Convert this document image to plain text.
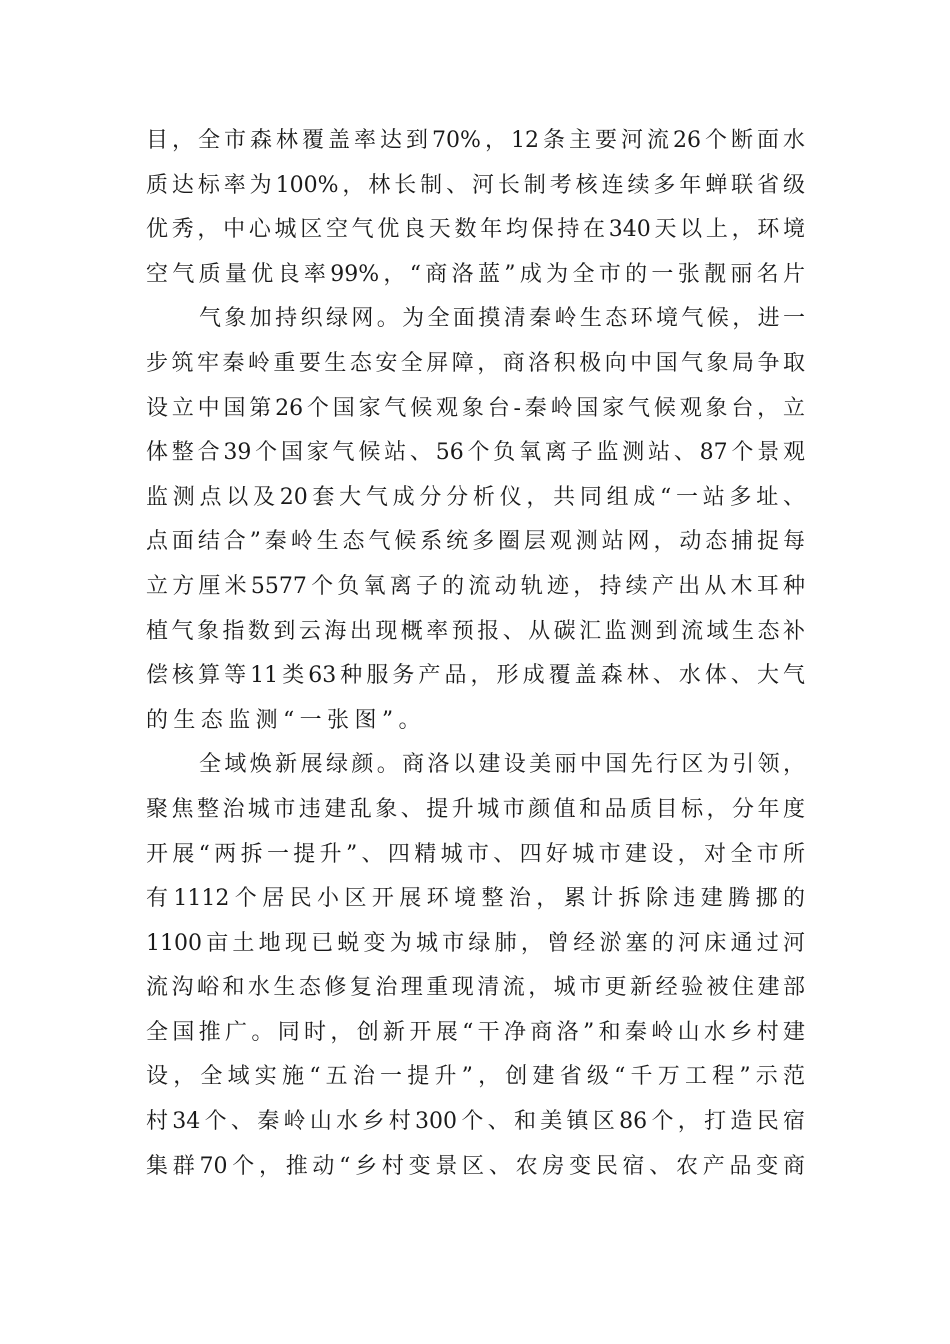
目，全市森林覆盖率达到70%，12条主要河流26个断面水
质达标率为100%，林长制、河长制考核连续多年蝉联省级
优秀，中心城区空气优良天数年均保持在340天以上，环境
空气质量优良率99%，“商洛蓝”成为全市的一张靓丽名片
气象加持织绿网。为全面摸清秦岭生态环境气候，进一
步筑牢秦岭重要生态安全屏障，商洛积极向中国气象局争取
设立中国第26个国家气候观象台-秦岭国家气候观象台，立
体整合39个国家气候站、56个负氧离子监测站、87个景观
监测点以及20套大气成分分析仪，共同组成“一站多址、
点面结合”秦岭生态气候系统多圈层观测站网，动态捕捉每
立方厘米5577个负氧离子的流动轨迹，持续产出从木耳种
植气象指数到云海出现概率预报、从碳汇监测到流域生态补
偿核算等11类63种服务产品，形成覆盖森林、水体、大气
的生态监测“一张图”。
全域焕新展绿颜。商洛以建设美丽中国先行区为引领，
聚焦整治城市违建乱象、提升城市颜值和品质目标，分年度
开展“两拆一提升”、四精城市、四好城市建设，对全市所
有1112个居民小区开展环境整治，累计拆除违建腾挪的
1100亩土地现已蜕变为城市绿肺，曾经淤塞的河床通过河
流沟峪和水生态修复治理重现清流，城市更新经验被住建部
全国推广。同时，创新开展“干净商洛”和秦岭山水乡村建
设，全域实施“五治一提升”，创建省级“千万工程”示范
村34个、秦岭山水乡村300个、和美镇区86个，打造民宿
集群70个，推动“乡村变景区、农房变民宿、农产品变商
